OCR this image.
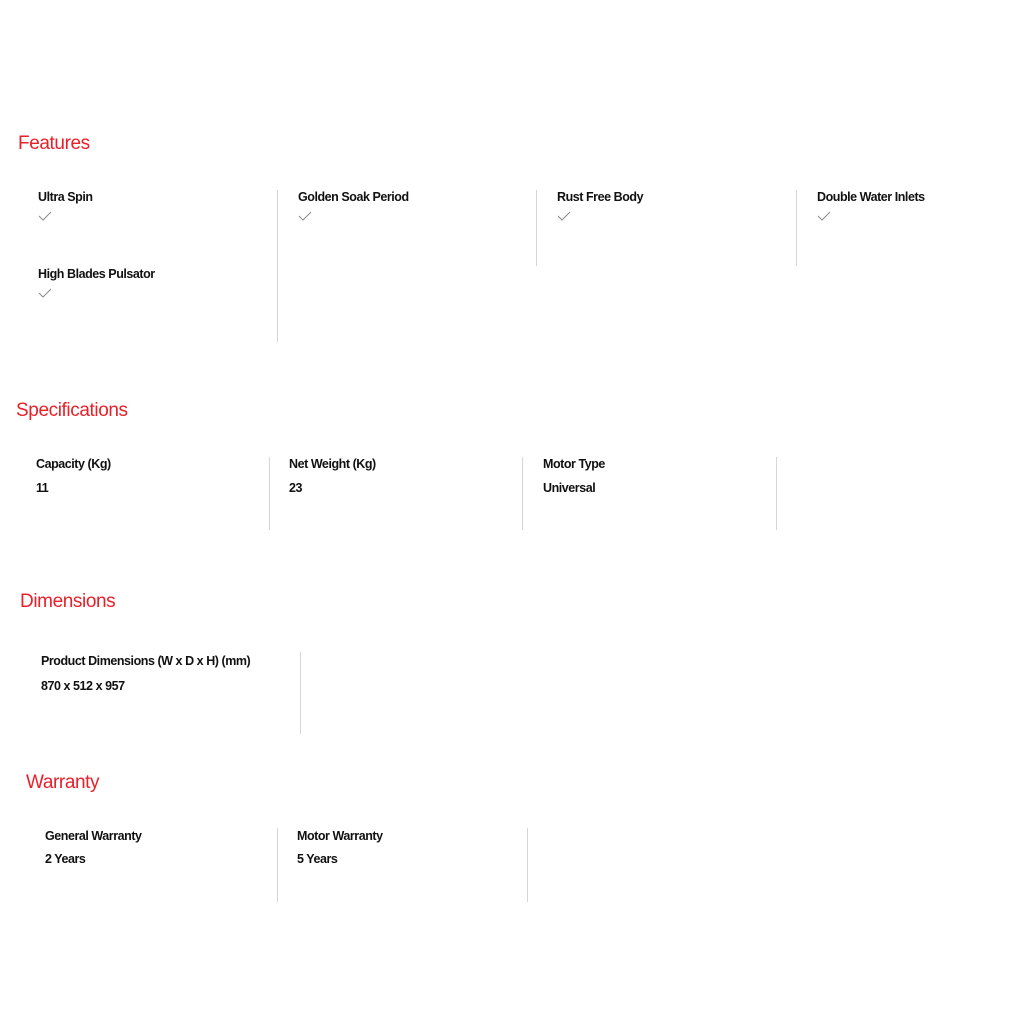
Features
Ultra Spin	Golden Soak Period	Rust Free Body	Double Water Inlets
High Blades Pulsator
Specifications
Capacity (Kg)
11
Net Weight (Kg)
23
Motor Type
Universal
Dimensions
Product Dimensions (W x D x H) (mm)
870 x 512 x 957
Warranty
General Warranty
2 Years
Motor Warranty
5 Years
